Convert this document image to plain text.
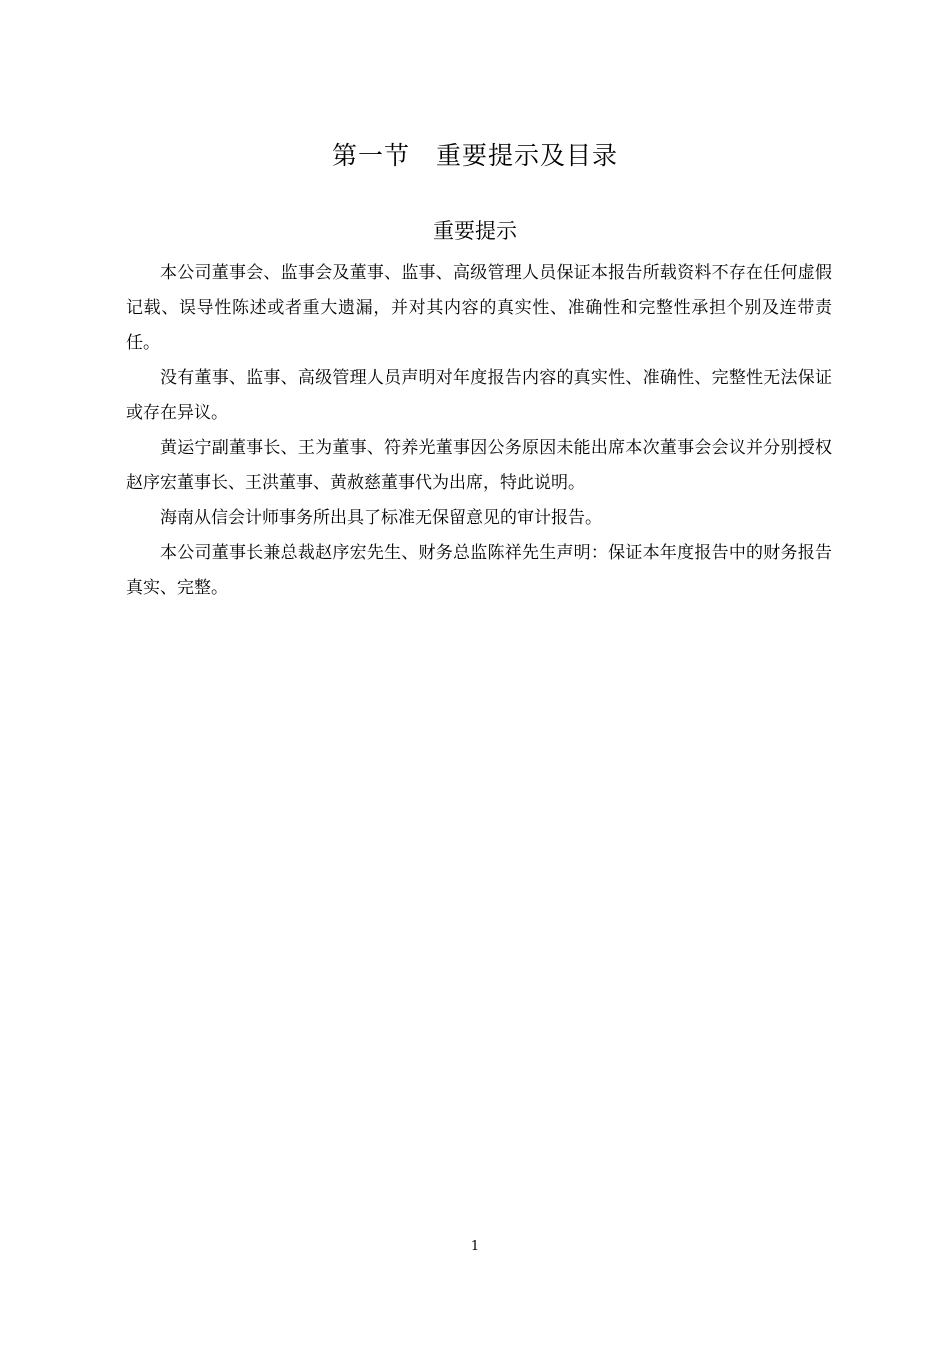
第一节　重要提示及目录
重要提示

本公司董事会、监事会及董事、监事、高级管理人员保证本报告所载资料不存在任何虚假记载、误导性陈述或者重大遗漏，并对其内容的真实性、准确性和完整性承担个别及连带责任。

没有董事、监事、高级管理人员声明对年度报告内容的真实性、准确性、完整性无法保证或存在异议。

黄运宁副董事长、王为董事、符养光董事因公务原因未能出席本次董事会会议并分别授权赵序宏董事长、王洪董事、黄赦慈董事代为出席，特此说明。

海南从信会计师事务所出具了标准无保留意见的审计报告。

本公司董事长兼总裁赵序宏先生、财务总监陈祥先生声明：保证本年度报告中的财务报告真实、完整。

1
